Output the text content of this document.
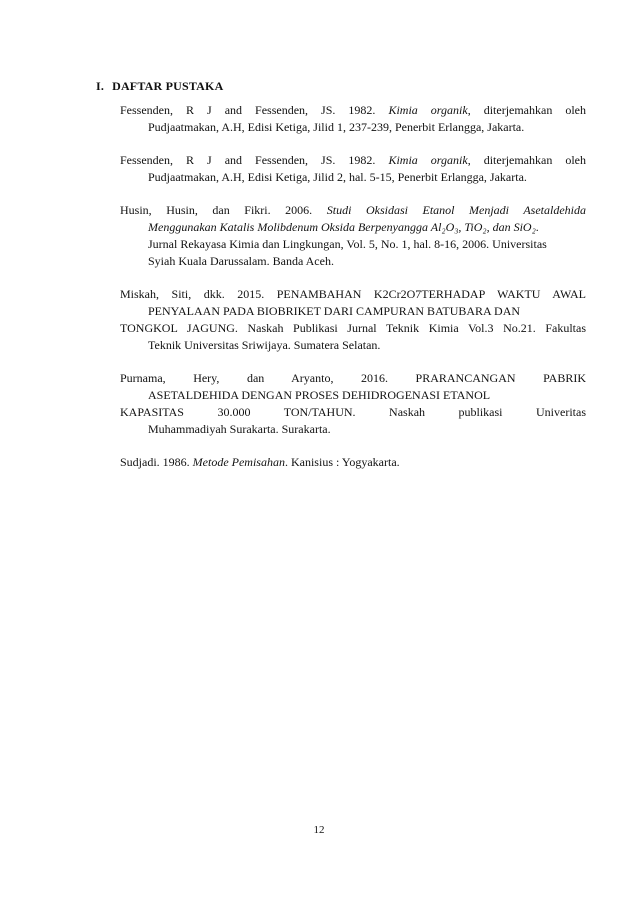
I. DAFTAR PUSTAKA
Fessenden, R J and Fessenden, JS. 1982. Kimia organik, diterjemahkan oleh
Pudjaatmakan, A.H, Edisi Ketiga, Jilid 1, 237-239, Penerbit Erlangga, Jakarta.
Fessenden, R J and Fessenden, JS. 1982. Kimia organik, diterjemahkan oleh
Pudjaatmakan, A.H, Edisi Ketiga, Jilid 2, hal. 5-15, Penerbit Erlangga, Jakarta.
Husin, Husin, dan Fikri. 2006. Studi Oksidasi Etanol Menjadi Asetaldehida
Menggunakan Katalis Molibdenum Oksida Berpenyangga Al₂O₃, TiO₂, dan SiO₂.
Jurnal Rekayasa Kimia dan Lingkungan, Vol. 5, No. 1, hal. 8-16, 2006. Universitas
Syiah Kuala Darussalam. Banda Aceh.
Miskah, Siti, dkk. 2015. PENAMBAHAN K2Cr2O7TERHADAP WAKTU AWAL
PENYALAAN PADA BIOBRIKET DARI CAMPURAN BATUBARA DAN
TONGKOL JAGUNG. Naskah Publikasi Jurnal Teknik Kimia Vol.3 No.21. Fakultas
Teknik Universitas Sriwijaya. Sumatera Selatan.
Purnama, Hery, dan Aryanto, 2016. PRARANCANGAN PABRIK
ASETALDEHIDA DENGAN PROSES DEHIDROGENASI ETANOL
KAPASITAS 30.000 TON/TAHUN. Naskah publikasi Univeritas
Muhammadiyah Surakarta. Surakarta.
Sudjadi. 1986. Metode Pemisahan. Kanisius : Yogyakarta.
12
